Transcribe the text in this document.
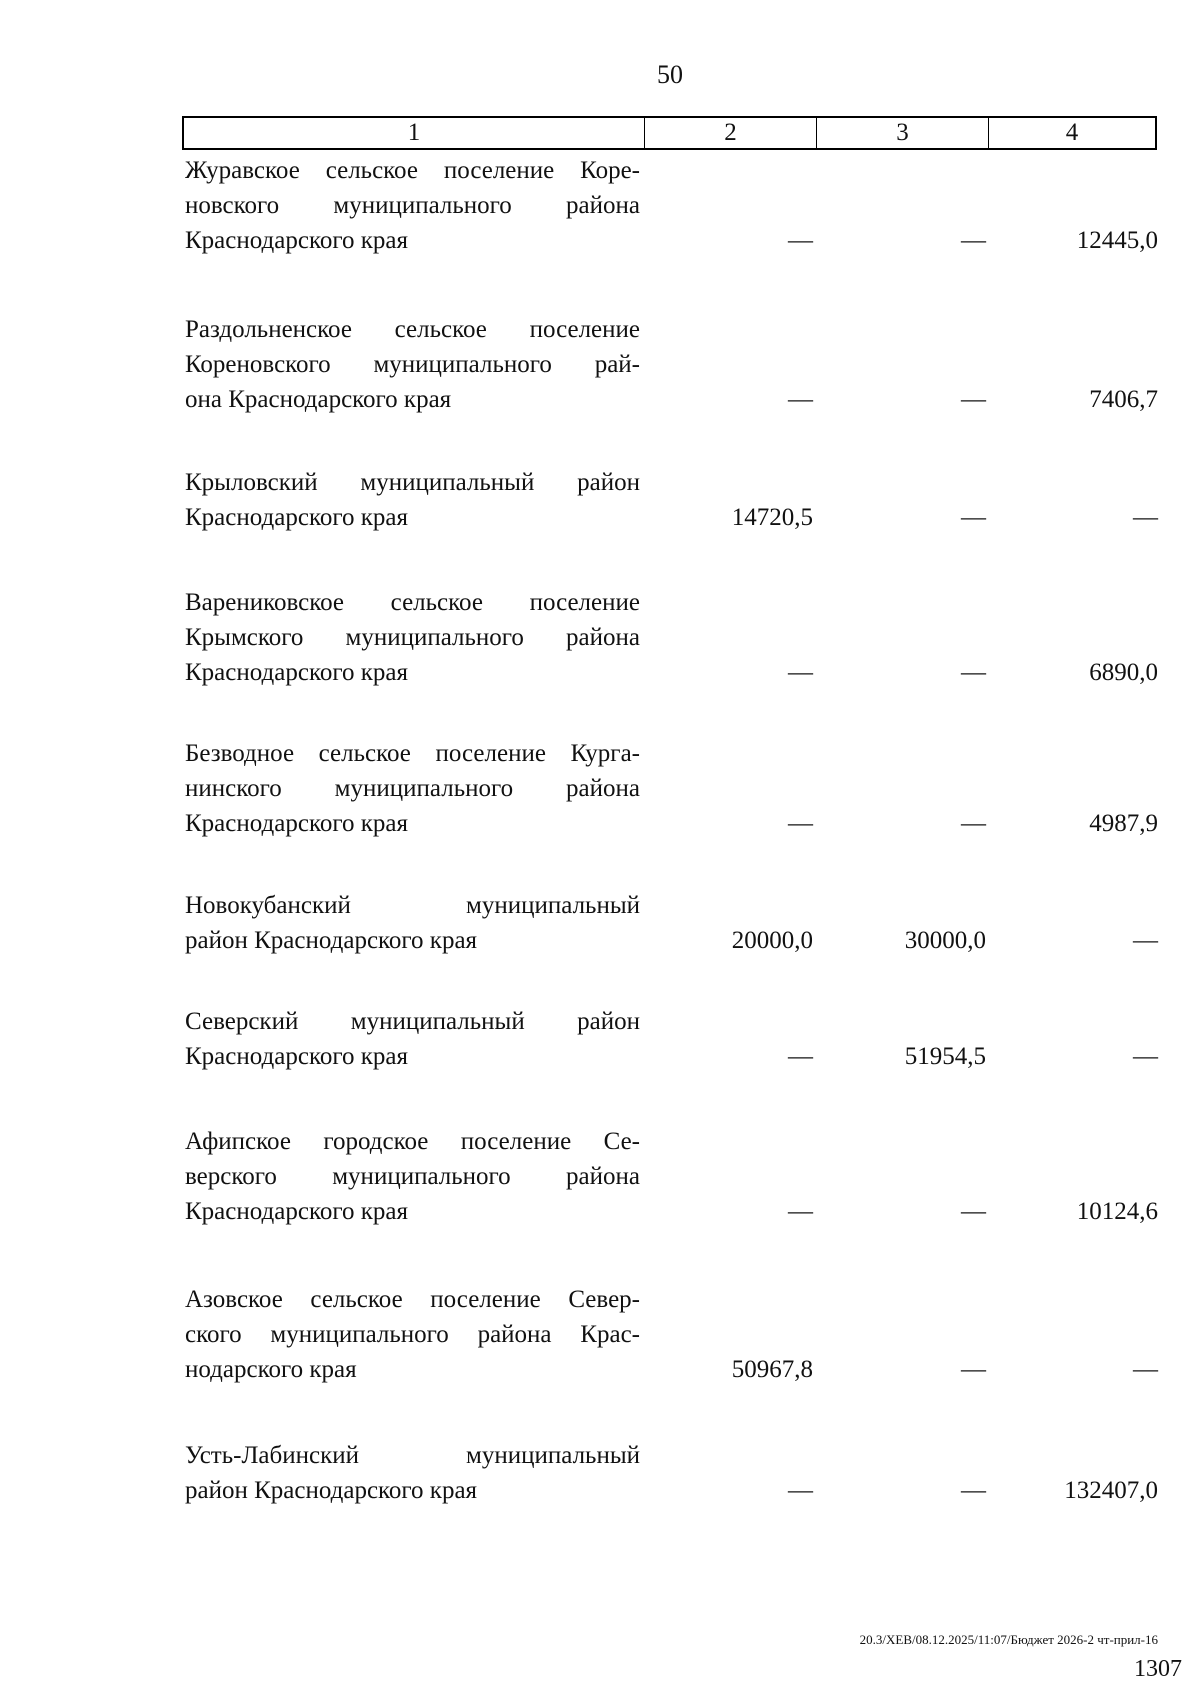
50
1	2	3	4
Журавское сельское поселение Коре-
новского муниципального района
Краснодарского края	—	—	12445,0
Раздольненское сельское поселение
Кореновского муниципального рай-
она Краснодарского края	—	—	7406,7
Крыловский муниципальный район
Краснодарского края	14720,5	—	—
Варениковское сельское поселение
Крымского муниципального района
Краснодарского края	—	—	6890,0
Безводное сельское поселение Курга-
нинского муниципального района
Краснодарского края	—	—	4987,9
Новокубанский муниципальный
район Краснодарского края	20000,0	30000,0	—
Северский муниципальный район
Краснодарского края	—	51954,5	—
Афипское городское поселение Се-
верского муниципального района
Краснодарского края	—	—	10124,6
Азовское сельское поселение Север-
ского муниципального района Крас-
нодарского края	50967,8	—	—
Усть-Лабинский муниципальный
район Краснодарского края	—	—	132407,0
20.3/ХЕВ/08.12.2025/11:07/Бюджет 2026-2 чт-прил-16
1307
